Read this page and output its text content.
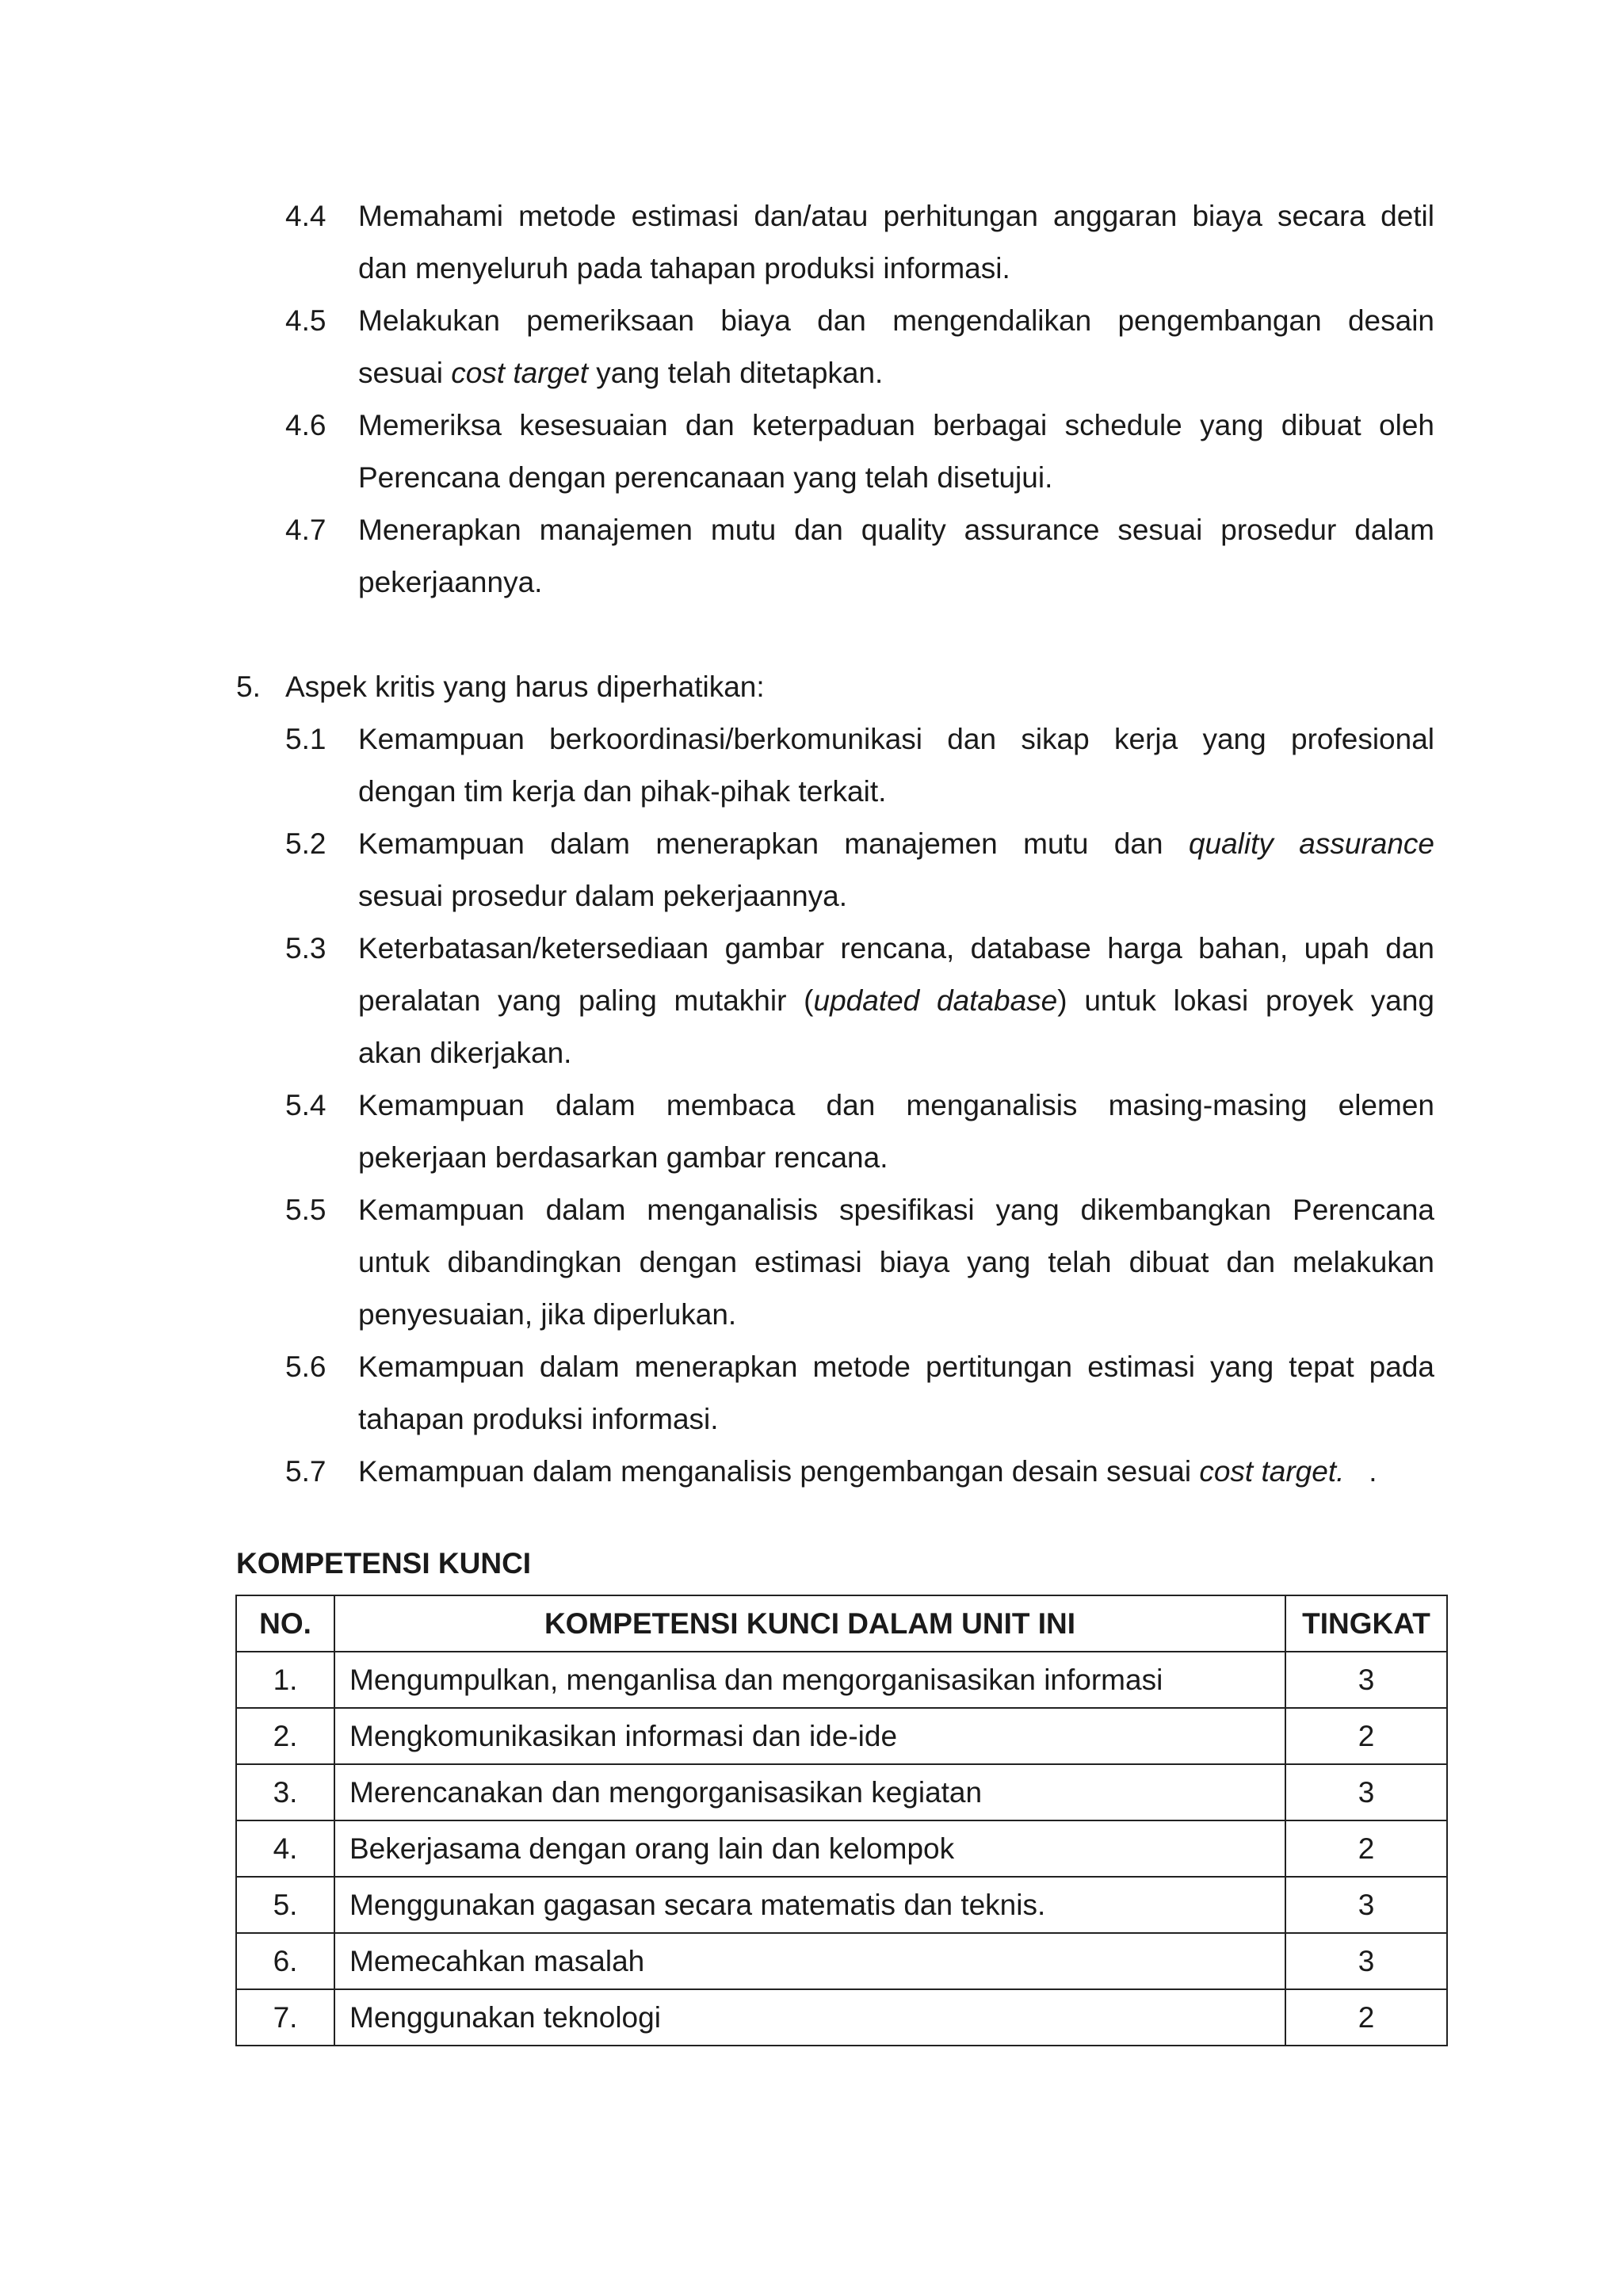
4.4	Memahami metode estimasi dan/atau perhitungan anggaran biaya secara detil
dan menyeluruh pada tahapan produksi informasi.
4.5	Melakukan pemeriksaan biaya dan mengendalikan pengembangan desain
sesuai cost target yang telah ditetapkan.
4.6	Memeriksa kesesuaian dan keterpaduan berbagai schedule yang dibuat oleh
Perencana dengan perencanaan yang telah disetujui.
4.7	Menerapkan manajemen mutu dan quality assurance sesuai prosedur dalam
pekerjaannya.
5. Aspek kritis yang harus diperhatikan:
5.1	Kemampuan berkoordinasi/berkomunikasi dan sikap kerja yang profesional
dengan tim kerja dan pihak-pihak terkait.
5.2	Kemampuan dalam menerapkan manajemen mutu dan quality assurance
sesuai prosedur dalam pekerjaannya.
5.3	Keterbatasan/ketersediaan gambar rencana, database harga bahan, upah dan
peralatan yang paling mutakhir (updated database) untuk lokasi proyek yang
akan dikerjakan.
5.4	Kemampuan dalam membaca dan menganalisis masing-masing elemen
pekerjaan berdasarkan gambar rencana.
5.5	Kemampuan dalam menganalisis spesifikasi yang dikembangkan Perencana
untuk dibandingkan dengan estimasi biaya yang telah dibuat dan melakukan
penyesuaian, jika diperlukan.
5.6	Kemampuan dalam menerapkan metode pertitungan estimasi yang tepat pada
tahapan produksi informasi.
5.7	Kemampuan dalam menganalisis pengembangan desain sesuai cost target.   .
KOMPETENSI KUNCI
NO.	KOMPETENSI KUNCI DALAM UNIT INI	TINGKAT
1.	Mengumpulkan, menganlisa dan mengorganisasikan informasi	3
2.	Mengkomunikasikan informasi dan ide-ide	2
3.	Merencanakan dan mengorganisasikan kegiatan	3
4.	Bekerjasama dengan orang lain dan kelompok	2
5.	Menggunakan gagasan secara matematis dan teknis.	3
6.	Memecahkan masalah	3
7.	Menggunakan teknologi	2
